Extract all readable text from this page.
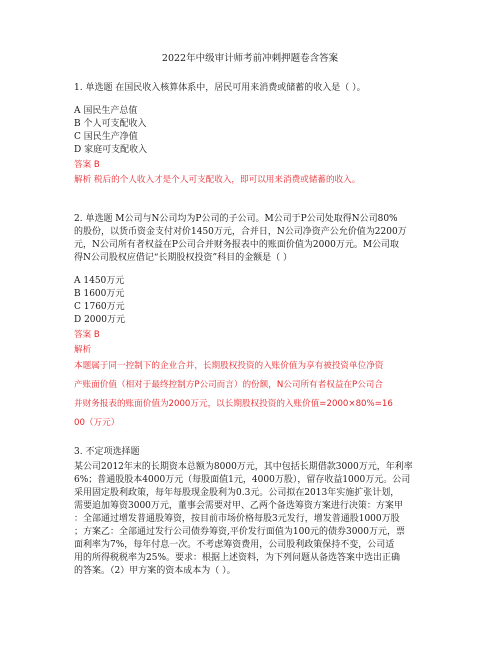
2022年中级审计师考前冲刺押题卷含答案
1. 单选题 在国民收入核算体系中，居民可用来消费或储蓄的收入是（ ）。
A 国民生产总值
B 个人可支配收入
C 国民生产净值
D 家庭可支配收入
答案 B
解析 税后的个人收入才是个人可支配收入，即可以用来消费或储蓄的收入。
2. 单选题 M公司与N公司均为P公司的子公司。M公司于P公司处取得N公司80%
的股份，以货币资金支付对价1450万元，合并日，N公司净资产公允价值为2200万
元，N公司所有者权益在P公司合并财务报表中的账面价值为2000万元。M公司取
得N公司股权应借记“长期股权投资”科目的金额是（ ）
A 1450万元
B 1600万元
C 1760万元
D 2000万元
答案 B
解析
本题属于同一控制下的企业合并，长期股权投资的入账价值为享有被投资单位净资
产账面价值（相对于最终控制方P公司而言）的份额，N公司所有者权益在P公司合
并财务报表的账面价值为2000万元，以长期股权投资的入账价值=2000×80%=16
00（万元）
3. 不定项选择题
某公司2012年末的长期资本总额为8000万元，其中包括长期借款3000万元，年利率
6%；普通股股本4000万元（每股面值1元，4000万股），留存收益1000万元。公司
采用固定股利政策，每年每股现金股利为0.3元。公司拟在2013年实施扩张计划，
需要追加筹资3000万元，董事会需要对甲、乙两个备选筹资方案进行决策：方案甲
：全部通过增发普通股筹资，按目前市场价格每股3元发行，增发普通股1000万股
；方案乙：全部通过发行公司债券筹资,平价发行面值为100元的债券3000万元，票
面利率为7%，每年付息一次。不考虑筹资费用，公司股利政策保持不变，公司适
用的所得税税率为25%。要求：根据上述资料，为下列问题从备选答案中选出正确
的答案。（2）甲方案的资本成本为（ ）。
